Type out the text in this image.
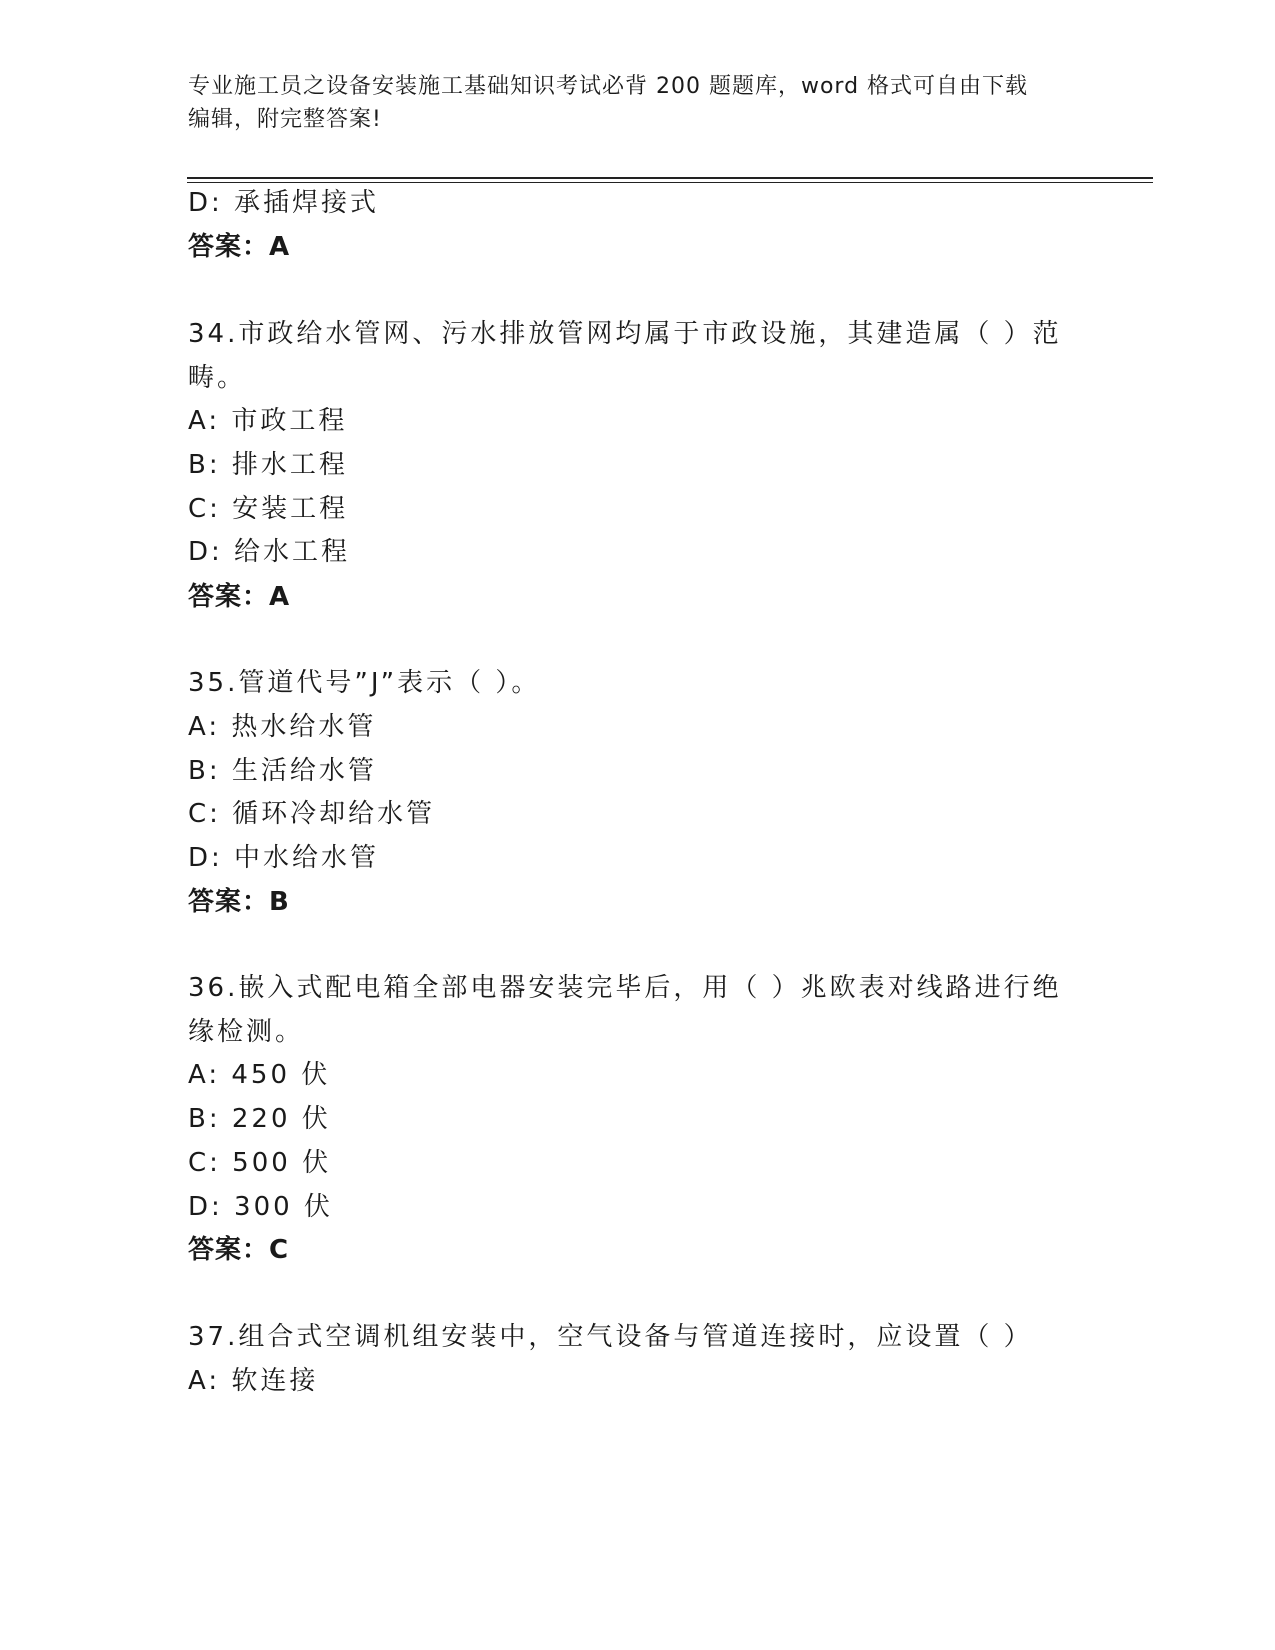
专业施工员之设备安装施工基础知识考试必背 200 题题库，word 格式可自由下载
编辑，附完整答案!
D: 承插焊接式
答案：A
34.市政给水管网、污水排放管网均属于市政设施，其建造属（ ）范
畴。
A: 市政工程
B: 排水工程
C: 安装工程
D: 给水工程
答案：A
35.管道代号”J”表示（ ）。
A: 热水给水管
B: 生活给水管
C: 循环冷却给水管
D: 中水给水管
答案：B
36.嵌入式配电箱全部电器安装完毕后，用（ ）兆欧表对线路进行绝
缘检测。
A: 450 伏
B: 220 伏
C: 500 伏
D: 300 伏
答案：C
37.组合式空调机组安装中，空气设备与管道连接时，应设置（ ）
A: 软连接
